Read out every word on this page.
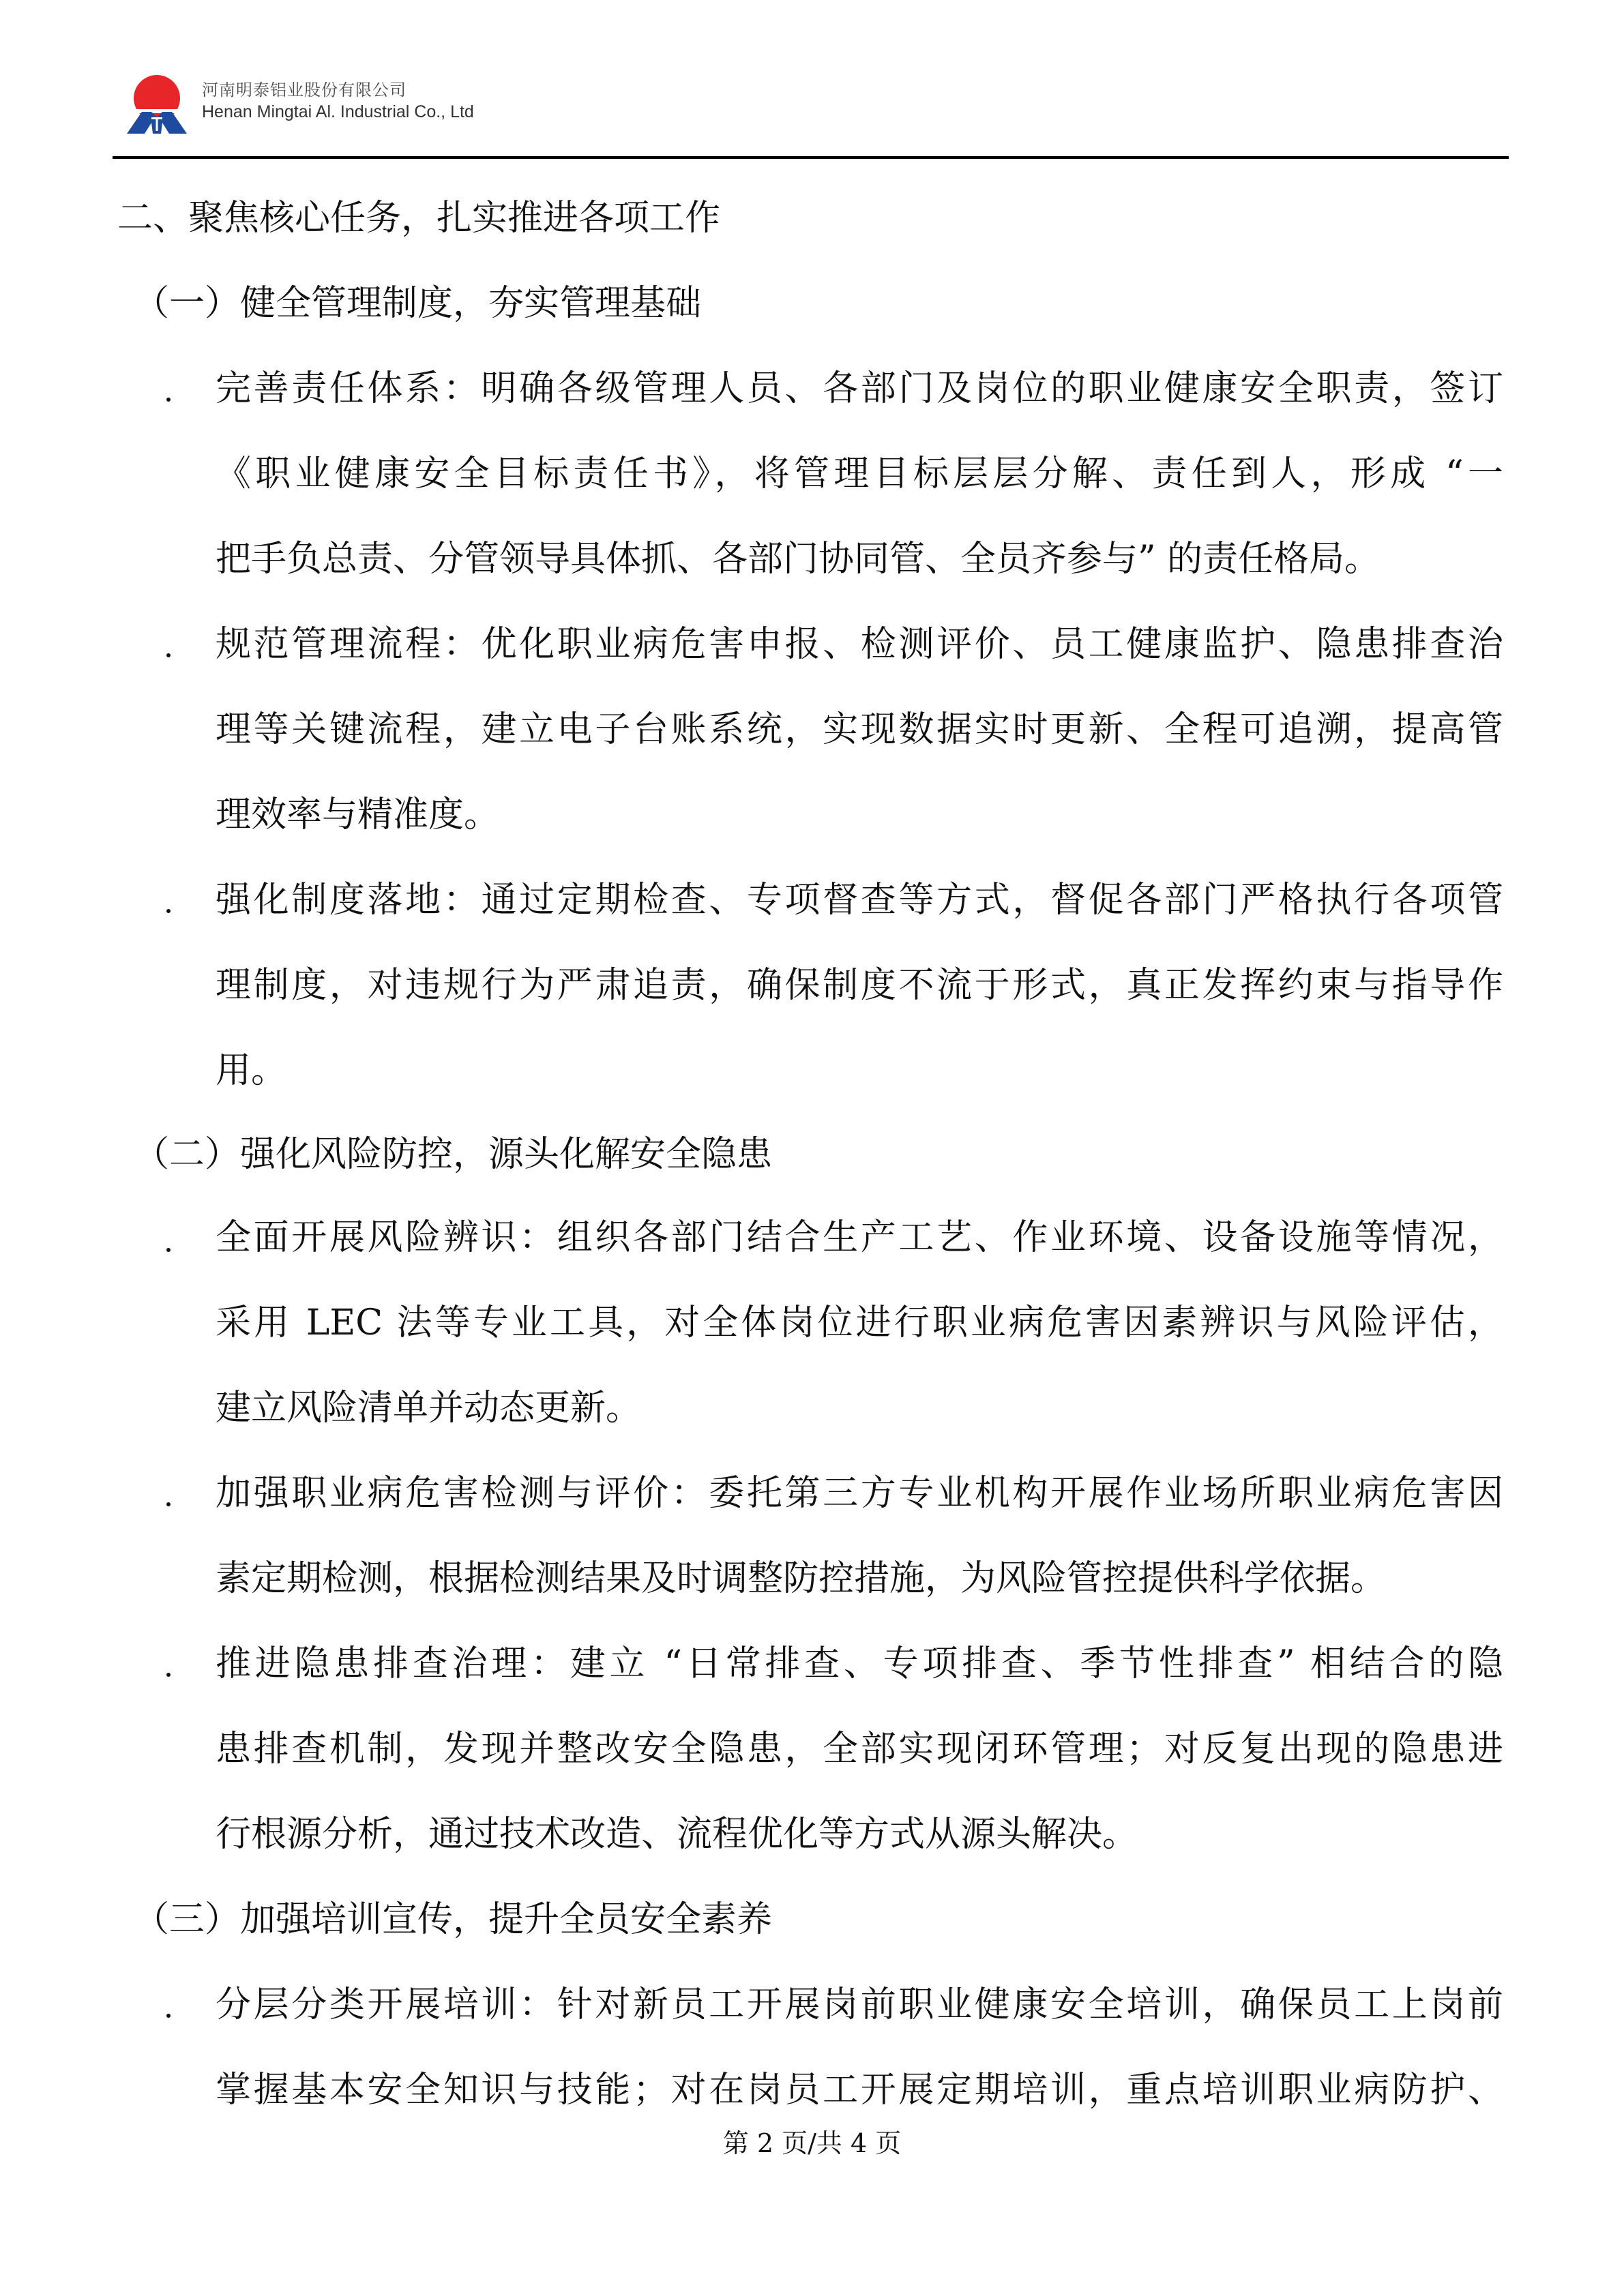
河南明泰铝业股份有限公司
Henan Mingtai Al. Industrial Co., Ltd
二、聚焦核心任务，扎实推进各项工作
（一）健全管理制度，夯实管理基础
完善责任体系：明确各级管理人员、各部门及岗位的职业健康安全职责，签订
《职业健康安全目标责任书》，将管理目标层层分解、责任到人，形成 “一
把手负总责、分管领导具体抓、各部门协同管、全员齐参与” 的责任格局。
规范管理流程：优化职业病危害申报、检测评价、员工健康监护、隐患排查治
理等关键流程，建立电子台账系统，实现数据实时更新、全程可追溯，提高管
理效率与精准度。
强化制度落地：通过定期检查、专项督查等方式，督促各部门严格执行各项管
理制度，对违规行为严肃追责，确保制度不流于形式，真正发挥约束与指导作
用。
（二）强化风险防控，源头化解安全隐患
全面开展风险辨识：组织各部门结合生产工艺、作业环境、设备设施等情况，
采用 LEC 法等专业工具，对全体岗位进行职业病危害因素辨识与风险评估，
建立风险清单并动态更新。
加强职业病危害检测与评价：委托第三方专业机构开展作业场所职业病危害因
素定期检测，根据检测结果及时调整防控措施，为风险管控提供科学依据。
推进隐患排查治理：建立 “日常排查、专项排查、季节性排查” 相结合的隐
患排查机制，发现并整改安全隐患，全部实现闭环管理；对反复出现的隐患进
行根源分析，通过技术改造、流程优化等方式从源头解决。
（三）加强培训宣传，提升全员安全素养
分层分类开展培训：针对新员工开展岗前职业健康安全培训，确保员工上岗前
掌握基本安全知识与技能；对在岗员工开展定期培训，重点培训职业病防护、
第 2 页/共 4 页
